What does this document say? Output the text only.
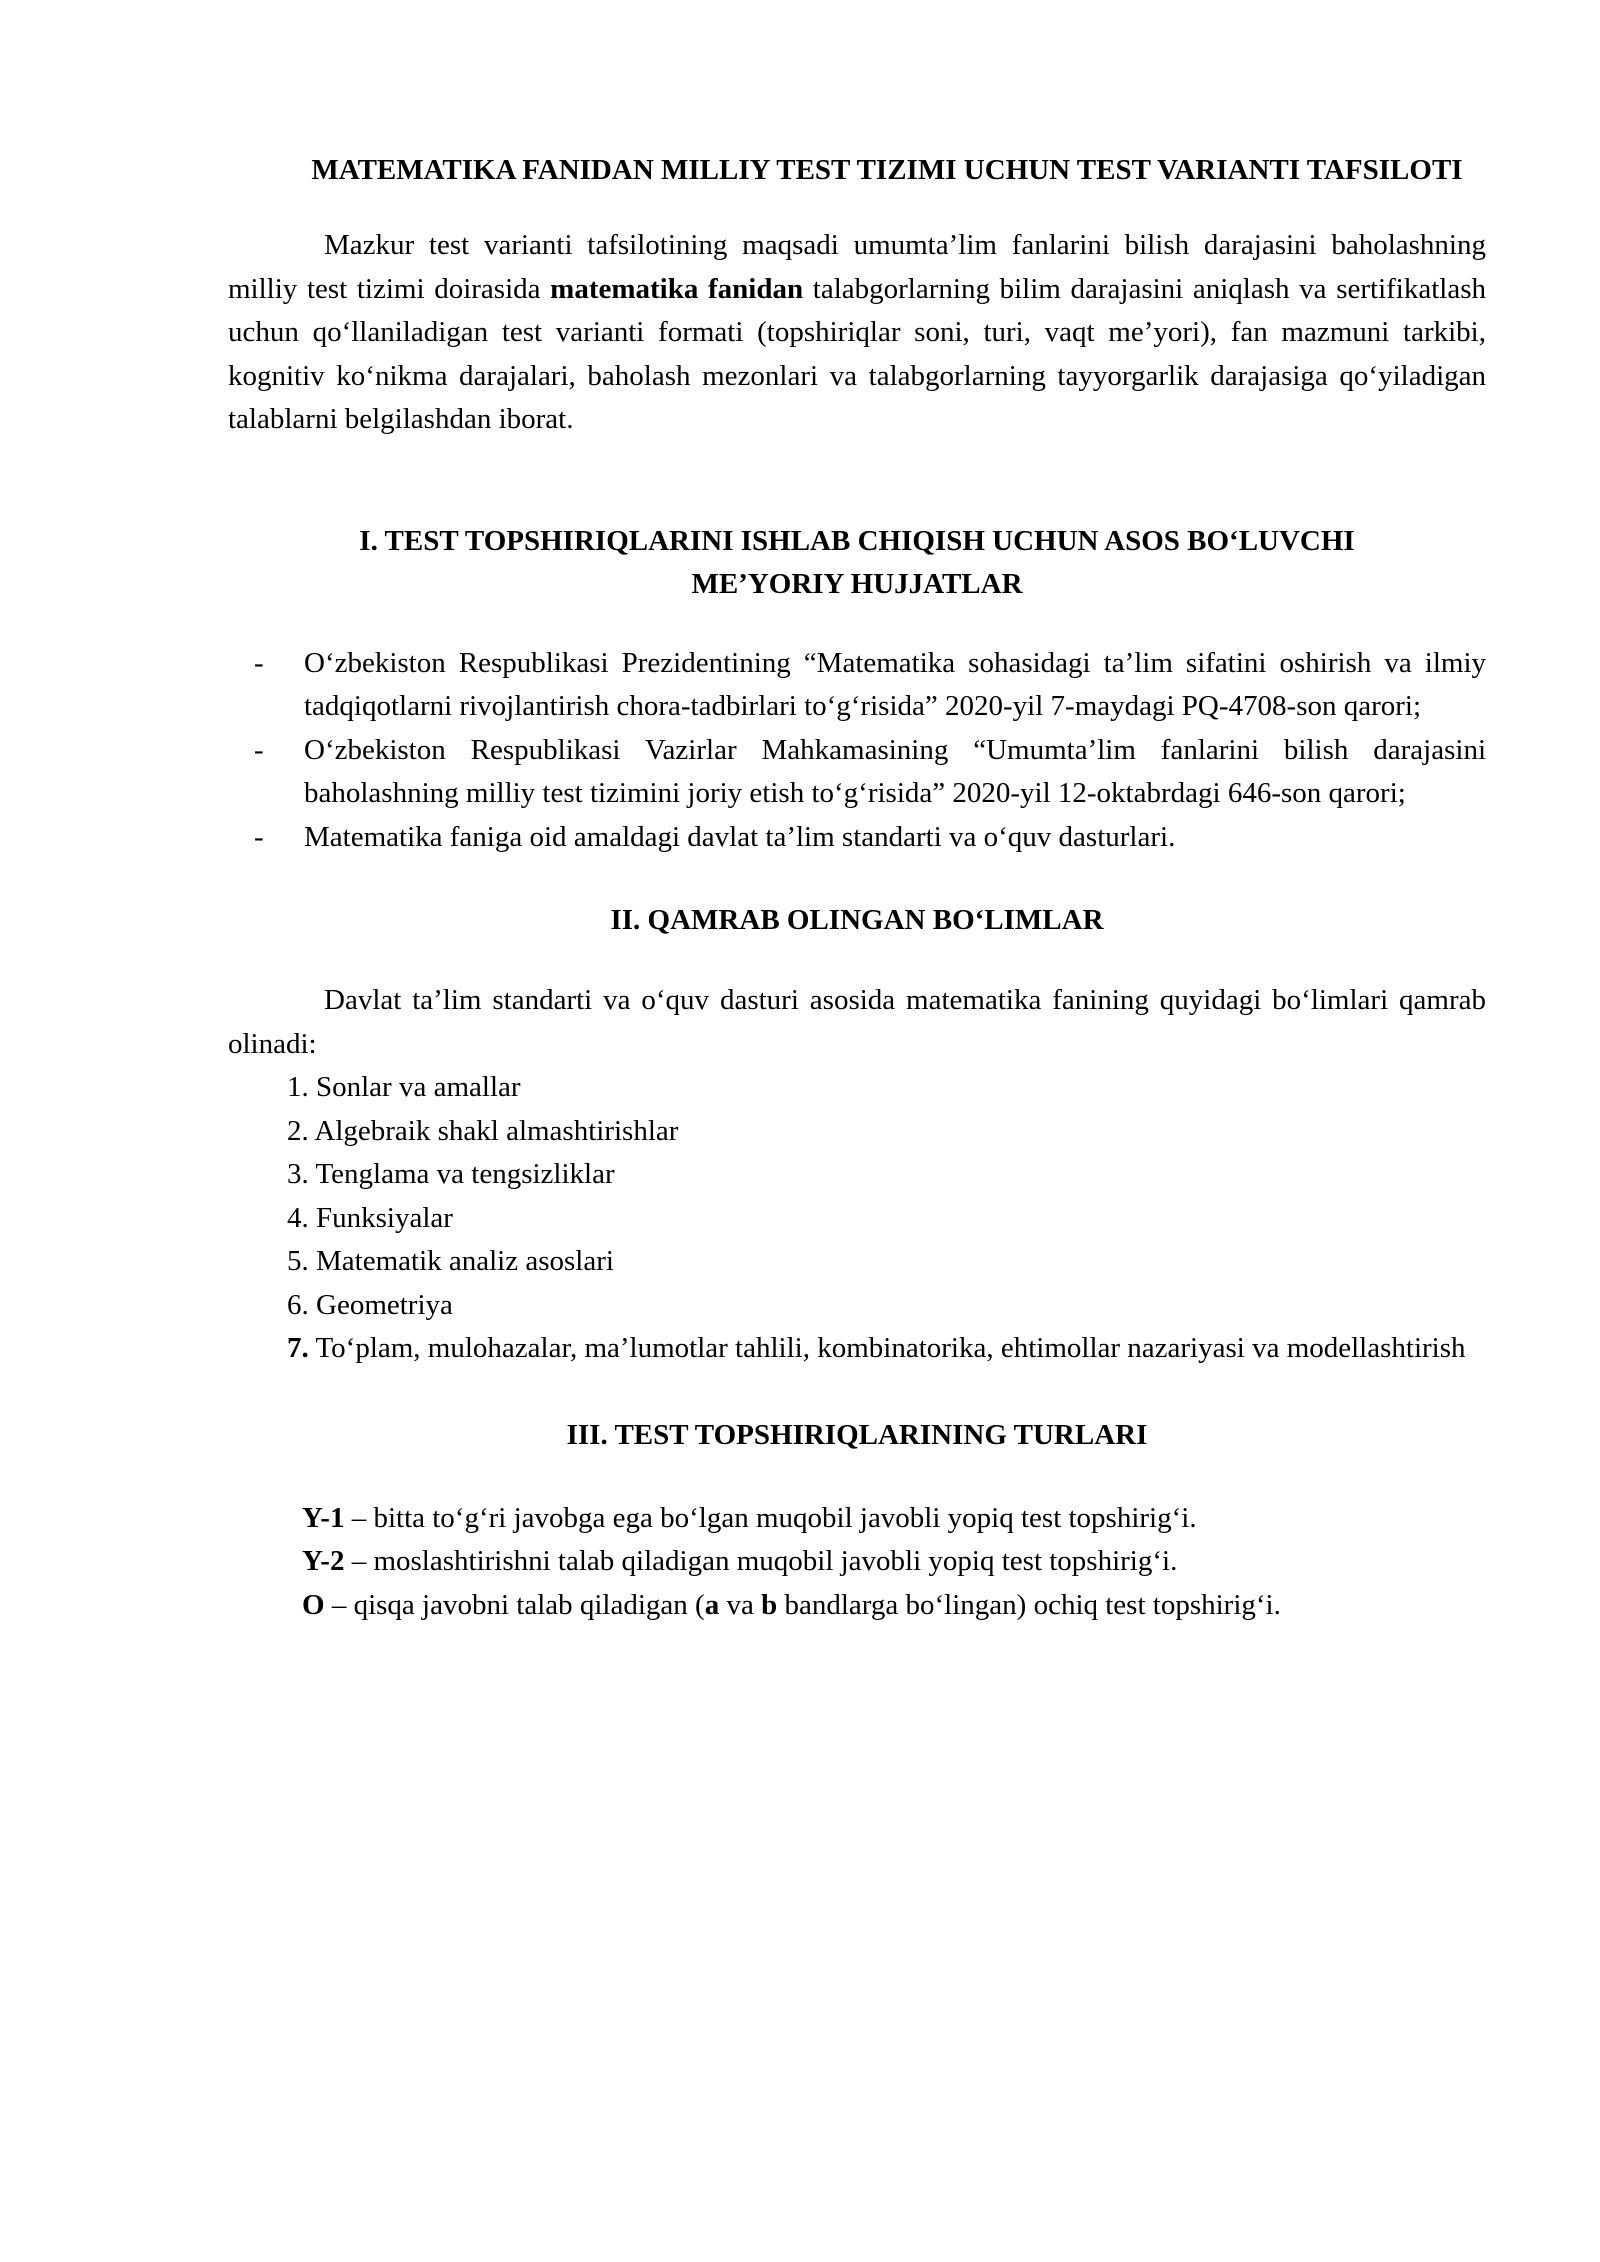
MATEMATIKA FANIDAN MILLIY TEST TIZIMI UCHUN TEST VARIANTI TAFSILOTI

Mazkur test varianti tafsilotining maqsadi umumta’lim fanlarini bilish darajasini baholashning milliy test tizimi doirasida matematika fanidan talabgorlarning bilim darajasini aniqlash va sertifikatlash uchun qo‘llaniladigan test varianti formati (topshiriqlar soni, turi, vaqt me’yori), fan mazmuni tarkibi, kognitiv ko‘nikma darajalari, baholash mezonlari va talabgorlarning tayyorgarlik darajasiga qo‘yiladigan talablarni belgilashdan iborat.

I. TEST TOPSHIRIQLARINI ISHLAB CHIQISH UCHUN ASOS BO‘LUVCHI
ME’YORIY HUJJATLAR
- O‘zbekiston Respublikasi Prezidentining “Matematika sohasidagi ta’lim sifatini oshirish va ilmiy tadqiqotlarni rivojlantirish chora-tadbirlari to‘g‘risida” 2020-yil 7-maydagi PQ-4708-son qarori;
- O‘zbekiston Respublikasi Vazirlar Mahkamasining “Umumta’lim fanlarini bilish darajasini baholashning milliy test tizimini joriy etish to‘g‘risida” 2020-yil 12-oktabrdagi 646-son qarori;
- Matematika faniga oid amaldagi davlat ta’lim standarti va o‘quv dasturlari.
II. QAMRAB OLINGAN BO‘LIMLAR

Davlat ta’lim standarti va o‘quv dasturi asosida matematika fanining quyidagi bo‘limlari qamrab olinadi:

1. Sonlar va amallar
2. Algebraik shakl almashtirishlar
3. Tenglama va tengsizliklar
4. Funksiyalar
5. Matematik analiz asoslari
6. Geometriya
7. To‘plam, mulohazalar, ma’lumotlar tahlili, kombinatorika, ehtimollar nazariyasi va modellashtirish
III. TEST TOPSHIRIQLARINING TURLARI
Y-1 – bitta to‘g‘ri javobga ega bo‘lgan muqobil javobli yopiq test topshirig‘i.
Y-2 – moslashtirishni talab qiladigan muqobil javobli yopiq test topshirig‘i.
O – qisqa javobni talab qiladigan (a va b bandlarga bo‘lingan) ochiq test topshirig‘i.
